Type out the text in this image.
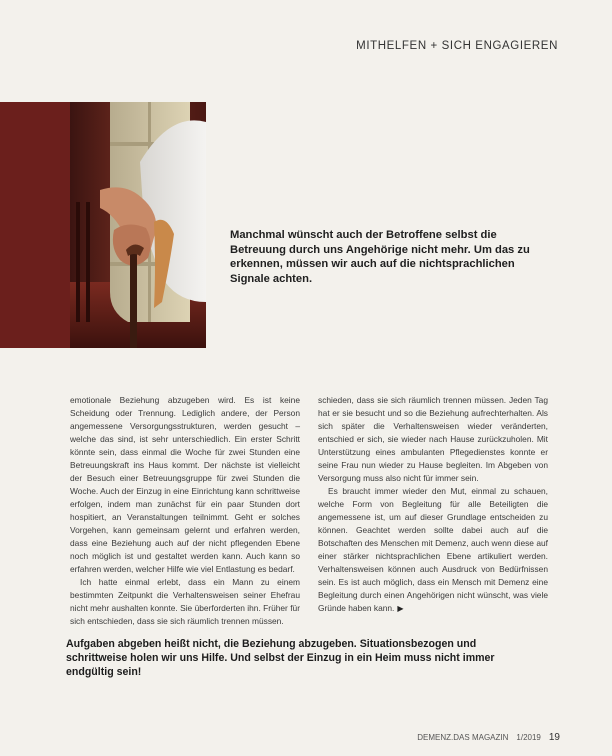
MITHELFEN + SICH ENGAGIEREN
Manchmal wünscht auch der Betroffene selbst die Betreuung durch uns Angehörige nicht mehr. Um das zu erkennen, müssen wir auch auf die nichtsprachlichen Signale achten.

emotionale Beziehung abzugeben wird. Es ist keine Scheidung oder Trennung. Lediglich andere, der Person angemessene Versorgungsstrukturen, werden gesucht – welche das sind, ist sehr unterschiedlich. Ein erster Schritt könnte sein, dass einmal die Woche für zwei Stunden eine Betreuungskraft ins Haus kommt. Der nächste ist vielleicht der Besuch einer Betreuungsgruppe für zwei Stunden die Woche. Auch der Einzug in eine Einrichtung kann schrittweise erfolgen, indem man zunächst für ein paar Stunden dort hospitiert, an Veranstaltungen teilnimmt. Geht er solches Vorgehen, kann gemeinsam gelernt und erfahren werden, dass eine Beziehung auch auf der nicht pflegenden Ebene noch möglich ist und gestaltet werden kann. Auch kann so erfahren werden, welcher Hilfe wie viel Entlastung es bedarf.

Ich hatte einmal erlebt, dass ein Mann zu einem bestimmten Zeitpunkt die Verhaltensweisen seiner Ehefrau nicht mehr aushalten konnte. Sie überforderten ihn. Früher für sich entschieden, dass sie sich räumlich trennen müssen.

schieden, dass sie sich räumlich trennen müssen. Jeden Tag hat er sie besucht und so die Beziehung aufrechterhalten. Als sich später die Verhaltensweisen wieder veränderten, entschied er sich, sie wieder nach Hause zurückzuholen. Mit Unterstützung eines ambulanten Pflegedienstes konnte er seine Frau nun wieder zu Hause begleiten. Im Abgeben von Versorgung muss also nicht für immer sein.

Es braucht immer wieder den Mut, einmal zu schauen, welche Form von Begleitung für alle Beteiligten die angemessene ist, um auf dieser Grundlage entscheiden zu können. Geachtet werden sollte dabei auch auf die Botschaften des Menschen mit Demenz, auch wenn diese auf einer stärker nichtsprachlichen Ebene artikuliert werden. Verhaltensweisen können auch Ausdruck von Bedürfnissen sein. Es ist auch möglich, dass ein Mensch mit Demenz eine Begleitung durch einen Angehörigen nicht wünscht, was viele Gründe haben kann. ▶

Aufgaben abgeben heißt nicht, die Beziehung abzugeben. Situationsbezogen und schrittweise holen wir uns Hilfe. Und selbst der Einzug in ein Heim muss nicht immer endgültig sein!
DEMENZ.DAS MAGAZIN 1/2019 19
